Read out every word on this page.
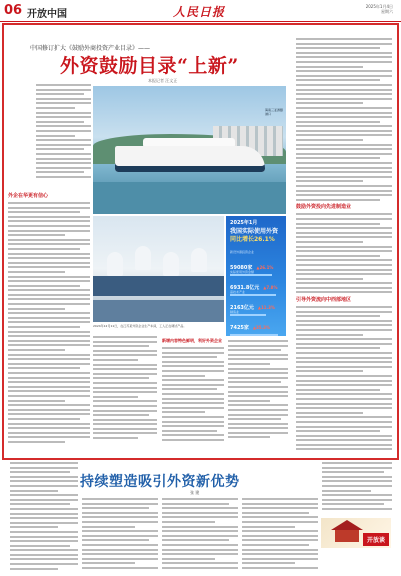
06 开放中国	人民日报	2025年1月4日
星期六
中国修订扩大《鼓励外商投资产业目录》——
外资鼓励目录“上新”
本报记者 汪文正
外企在华更有信心
海南三亚游艇港口
2024年12月11日，在江苏某外资企业生产车间，工人正在调试产品。
2025年1月
我国实际使用外资
同比增长26.1%
新设外商投资企业
59080家 ▲26.1%
实际使用外资金额
6931.8亿元 ▲7.8%
高技术产业
2163亿元 ▲11.3%
制造业
7425家 ▲35.3%
新增内容特色鲜明，利好外资企业
鼓励外资投向先进制造业
引导外资流向中西部地区
持续塑造吸引外资新优势
张 建
开放谈
